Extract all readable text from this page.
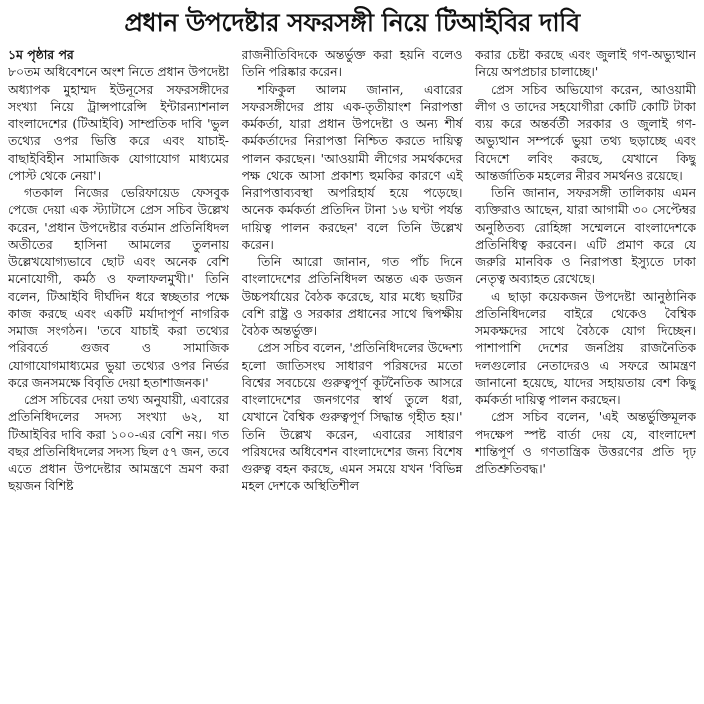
প্রধান উপদেষ্টার সফরসঙ্গী নিয়ে টিআইবির দাবি
১ম পৃষ্ঠার পর

৮০তম অধিবেশনে অংশ নিতে প্রধান উপদেষ্টা অধ্যাপক মুহাম্মদ ইউনূসের সফরসঙ্গীদের সংখ্যা নিয়ে ট্রান্সপারেন্সি ইন্টারন্যাশনাল বাংলাদেশের (টিআইবি) সাম্প্রতিক দাবি 'ভুল তথ্যের ওপর ভিত্তি করে এবং যাচাই-বাছাইবিহীন সামাজিক যোগাযোগ মাধ্যমের পোস্ট থেকে নেয়া'।

গতকাল নিজের ভেরিফায়েড ফেসবুক পেজে দেয়া এক স্ট্যাটাসে প্রেস সচিব উল্লেখ করেন, 'প্রধান উপদেষ্টার বর্তমান প্রতিনিধিদল অতীতের হাসিনা আমলের তুলনায় উল্লেখযোগ্যভাবে ছোট এবং অনেক বেশি মনোযোগী, কর্মঠ ও ফলাফলমুখী।' তিনি বলেন, টিআইবি দীর্ঘদিন ধরে স্বচ্ছতার পক্ষে কাজ করছে এবং একটি মর্যাদাপূর্ণ নাগরিক সমাজ সংগঠন। 'তবে যাচাই করা তথ্যের পরিবর্তে গুজব ও সামাজিক যোগাযোগমাধ্যমের ভুয়া তথ্যের ওপর নির্ভর করে জনসমক্ষে বিবৃতি দেয়া হতাশাজনক।'

প্রেস সচিবের দেয়া তথ্য অনুযায়ী, এবারের প্রতিনিধিদলের সদস্য সংখ্যা ৬২, যা টিআইবির দাবি করা ১০০-এর বেশি নয়। গত বছর প্রতিনিধিদলের সদস্য ছিল ৫৭ জন, তবে এতে প্রধান উপদেষ্টার আমন্ত্রণে ভ্রমণ করা ছয়জন বিশিষ্ট

রাজনীতিবিদকে অন্তর্ভুক্ত করা হয়নি বলেও তিনি পরিষ্কার করেন।

শফিকুল আলম জানান, এবারের সফরসঙ্গীদের প্রায় এক-তৃতীয়াংশ নিরাপত্তা কর্মকর্তা, যারা প্রধান উপদেষ্টা ও অন্য শীর্ষ কর্মকর্তাদের নিরাপত্তা নিশ্চিত করতে দায়িত্ব পালন করছেন। 'আওয়ামী লীগের সমর্থকদের পক্ষ থেকে আসা প্রকাশ্য হুমকির কারণে এই নিরাপত্তাব্যবস্থা অপরিহার্য হয়ে পড়েছে। অনেক কর্মকর্তা প্রতিদিন টানা ১৬ ঘণ্টা পর্যন্ত দায়িত্ব পালন করছেন' বলে তিনি উল্লেখ করেন।

তিনি আরো জানান, গত পাঁচ দিনে বাংলাদেশের প্রতিনিধিদল অন্তত এক ডজন উচ্চপর্যায়ের বৈঠক করেছে, যার মধ্যে ছয়টির বেশি রাষ্ট্র ও সরকার প্রধানের সাথে দ্বিপক্ষীয় বৈঠক অন্তর্ভুক্ত।

প্রেস সচিব বলেন, 'প্রতিনিধিদলের উদ্দেশ্য হলো জাতিসংঘ সাধারণ পরিষদের মতো বিশ্বের সবচেয়ে গুরুত্বপূর্ণ কূটনৈতিক আসরে বাংলাদেশের জনগণের স্বার্থ তুলে ধরা, যেখানে বৈশ্বিক গুরুত্বপূর্ণ সিদ্ধান্ত গৃহীত হয়।' তিনি উল্লেখ করেন, এবারের সাধারণ পরিষদের অধিবেশন বাংলাদেশের জন্য বিশেষ গুরুত্ব বহন করছে, এমন সময়ে যখন 'বিভিন্ন মহল দেশকে অস্থিতিশীল

করার চেষ্টা করছে এবং জুলাই গণ-অভ্যুত্থান নিয়ে অপপ্রচার চালাচ্ছে।'

প্রেস সচিব অভিযোগ করেন, আওয়ামী লীগ ও তাদের সহযোগীরা কোটি কোটি টাকা ব্যয় করে অন্তর্বর্তী সরকার ও জুলাই গণ-অভ্যুত্থান সম্পর্কে ভুয়া তথ্য ছড়াচ্ছে এবং বিদেশে লবিং করছে, যেখানে কিছু আন্তর্জাতিক মহলের নীরব সমর্থনও রয়েছে।

তিনি জানান, সফরসঙ্গী তালিকায় এমন ব্যক্তিরাও আছেন, যারা আগামী ৩০ সেপ্টেম্বর অনুষ্ঠিতব্য রোহিঙ্গা সম্মেলনে বাংলাদেশকে প্রতিনিধিত্ব করবেন। এটি প্রমাণ করে যে জরুরি মানবিক ও নিরাপত্তা ইস্যুতে ঢাকা নেতৃত্ব অব্যাহত রেখেছে।

এ ছাড়া কয়েকজন উপদেষ্টা আনুষ্ঠানিক প্রতিনিধিদলের বাইরে থেকেও বৈশ্বিক সমকক্ষদের সাথে বৈঠকে যোগ দিচ্ছেন। পাশাপাশি দেশের জনপ্রিয় রাজনৈতিক দলগুলোর নেতাদেরও এ সফরে আমন্ত্রণ জানানো হয়েছে, যাদের সহায়তায় বেশ কিছু কর্মকর্তা দায়িত্ব পালন করছেন।

প্রেস সচিব বলেন, 'এই অন্তর্ভুক্তিমূলক পদক্ষেপ স্পষ্ট বার্তা দেয় যে, বাংলাদেশ শান্তিপূর্ণ ও গণতান্ত্রিক উত্তরণের প্রতি দৃঢ় প্রতিশ্রুতিবদ্ধ।'
